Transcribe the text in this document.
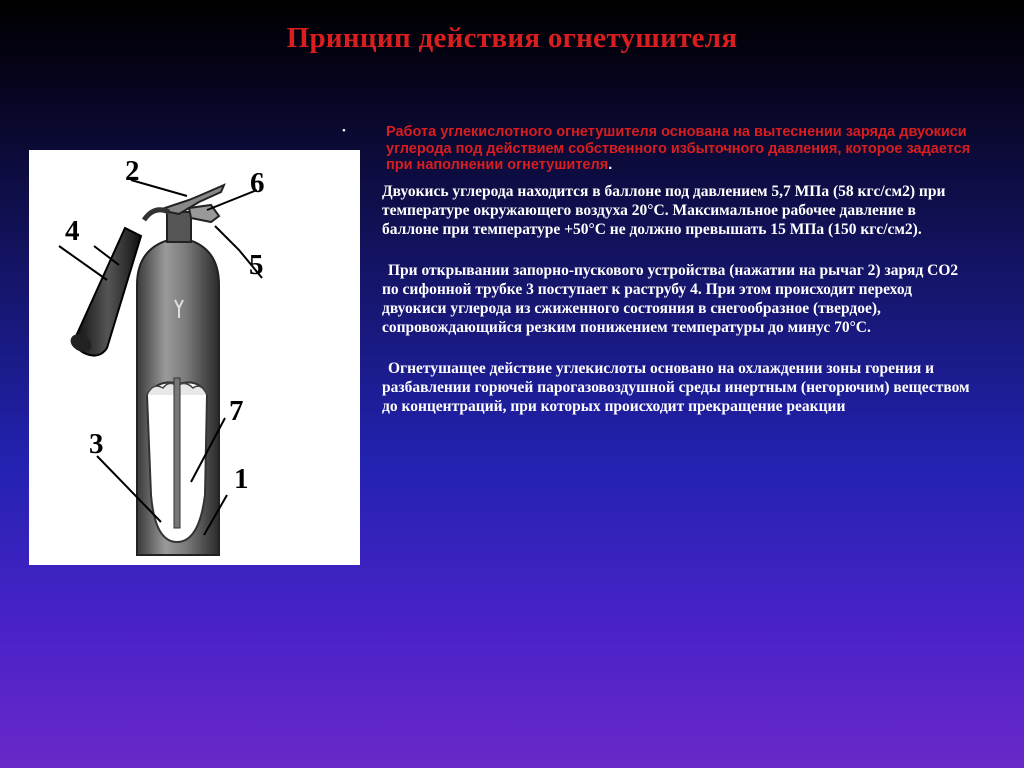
Принцип действия огнетушителя
2	6
4
5
7
3
1
•	Работа углекислотного огнетушителя основана на вытеснении заряда двуокиси углерода под действием собственного избыточного давления, которое задается при наполнении огнетушителя.

Двуокись углерода находится в баллоне под давлением 5,7 МПа (58 кгс/см2) при температуре окружающего воздуха 20°С. Максимальное рабочее давление в баллоне при температуре +50°С не должно превышать 15 МПа (150 кгс/см2).

При открывании запорно-пускового устройства (нажатии на рычаг 2) заряд СО2 по сифонной трубке 3 поступает к раструбу 4. При этом происходит переход двуокиси углерода из сжиженного состояния в снегообразное (твердое), сопровождающийся резким понижением температуры до минус 70°С.

Огнетушащее действие углекислоты основано на охлаждении зоны горения и разбавлении горючей парогазовоздушной среды инертным (негорючим) веществом до концентраций, при которых происходит прекращение реакции
